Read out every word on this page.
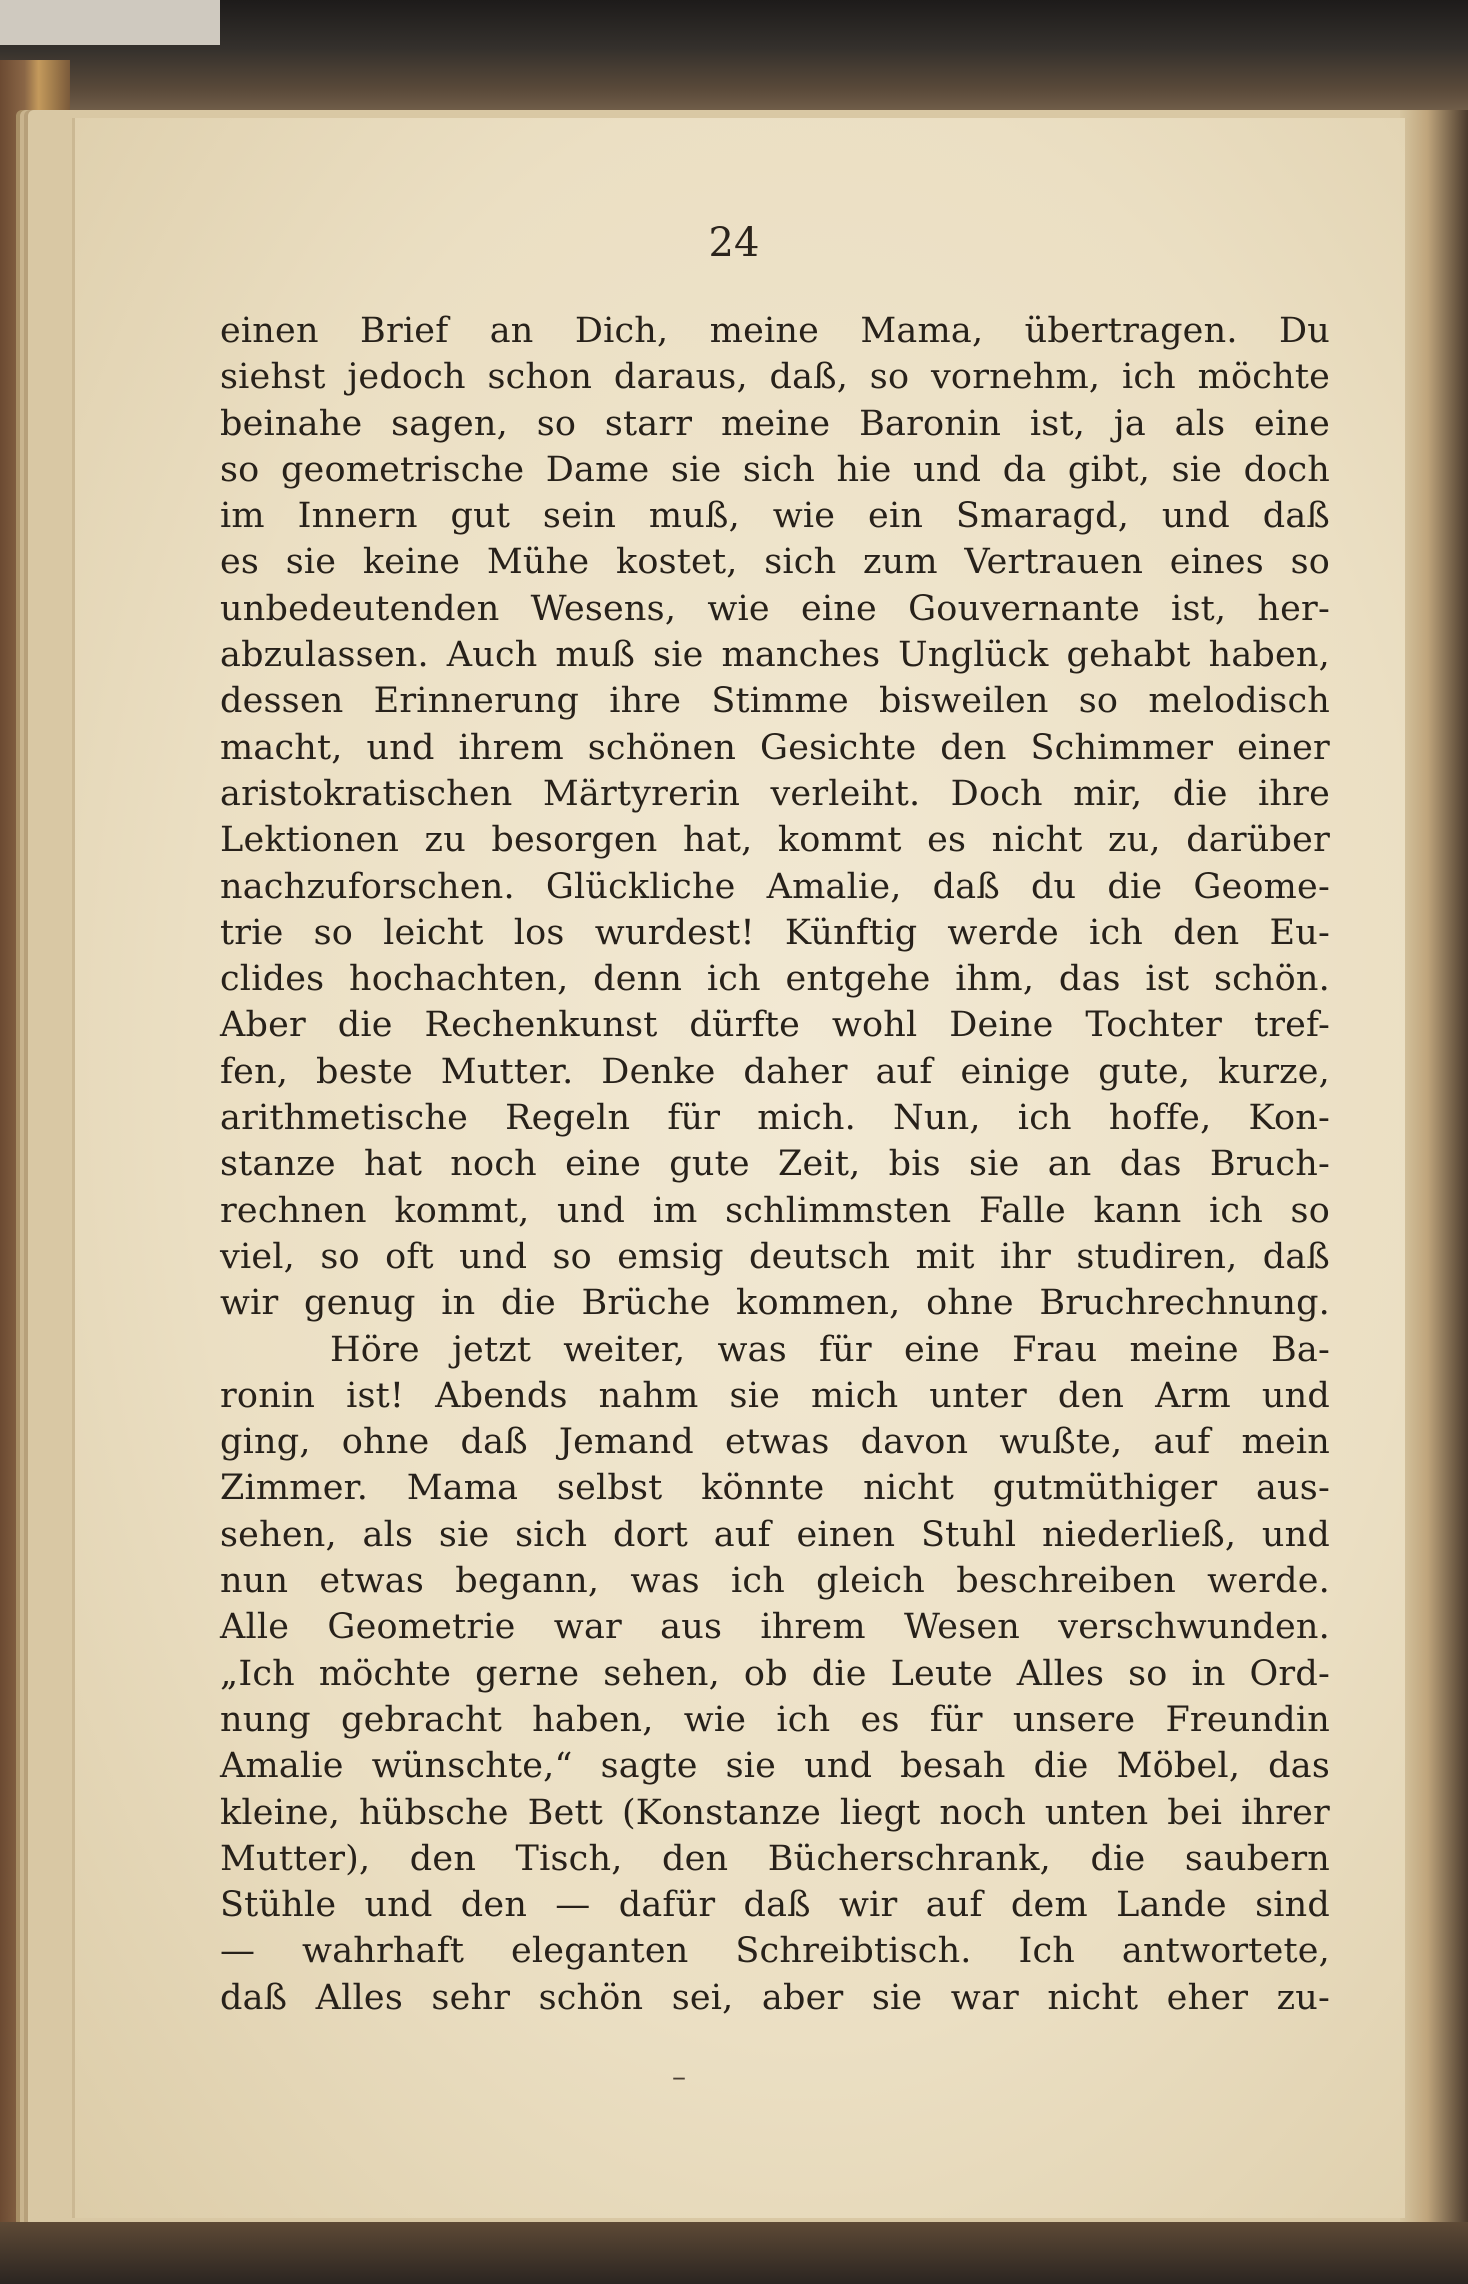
24
einen Brief an Dich, meine Mama, übertragen. Du
siehst jedoch schon daraus, daß, so vornehm, ich möchte
beinahe sagen, so starr meine Baronin ist, ja als eine
so geometrische Dame sie sich hie und da gibt, sie doch
im Innern gut sein muß, wie ein Smaragd, und daß
es sie keine Mühe kostet, sich zum Vertrauen eines so
unbedeutenden Wesens, wie eine Gouvernante ist, her-
abzulassen. Auch muß sie manches Unglück gehabt haben,
dessen Erinnerung ihre Stimme bisweilen so melodisch
macht, und ihrem schönen Gesichte den Schimmer einer
aristokratischen Märtyrerin verleiht. Doch mir, die ihre
Lektionen zu besorgen hat, kommt es nicht zu, darüber
nachzuforschen. Glückliche Amalie, daß du die Geome-
trie so leicht los wurdest! Künftig werde ich den Eu-
clides hochachten, denn ich entgehe ihm, das ist schön.
Aber die Rechenkunst dürfte wohl Deine Tochter tref-
fen, beste Mutter. Denke daher auf einige gute, kurze,
arithmetische Regeln für mich. Nun, ich hoffe, Kon-
stanze hat noch eine gute Zeit, bis sie an das Bruch-
rechnen kommt, und im schlimmsten Falle kann ich so
viel, so oft und so emsig deutsch mit ihr studiren, daß
wir genug in die Brüche kommen, ohne Bruchrechnung.
Höre jetzt weiter, was für eine Frau meine Ba-
ronin ist! Abends nahm sie mich unter den Arm und
ging, ohne daß Jemand etwas davon wußte, auf mein
Zimmer. Mama selbst könnte nicht gutmüthiger aus-
sehen, als sie sich dort auf einen Stuhl niederließ, und
nun etwas begann, was ich gleich beschreiben werde.
Alle Geometrie war aus ihrem Wesen verschwunden.
„Ich möchte gerne sehen, ob die Leute Alles so in Ord-
nung gebracht haben, wie ich es für unsere Freundin
Amalie wünschte,“ sagte sie und besah die Möbel, das
kleine, hübsche Bett (Konstanze liegt noch unten bei ihrer
Mutter), den Tisch, den Bücherschrank, die saubern
Stühle und den — dafür daß wir auf dem Lande sind
— wahrhaft eleganten Schreibtisch. Ich antwortete,
daß Alles sehr schön sei, aber sie war nicht eher zu-
–
